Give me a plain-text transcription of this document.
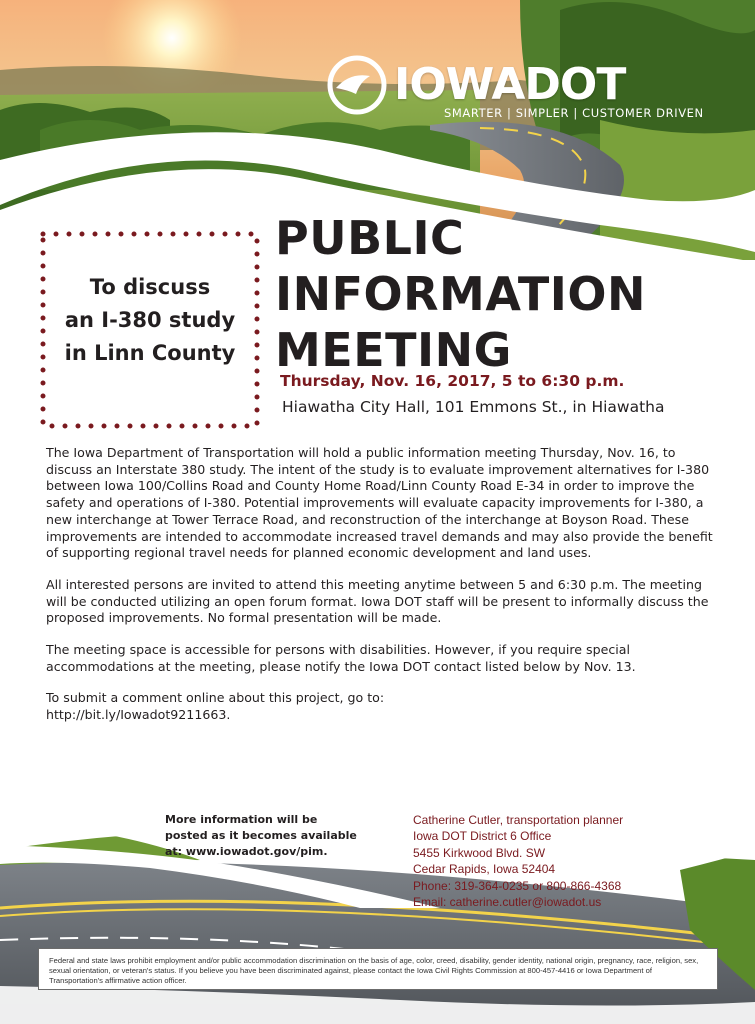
IOWADOT
SMARTER | SIMPLER | CUSTOMER DRIVEN
To discuss
an I-380 study
in Linn County
PUBLIC
INFORMATION
MEETING
Thursday, Nov. 16, 2017, 5 to 6:30 p.m.
Hiawatha City Hall, 101 Emmons St., in Hiawatha

The Iowa Department of Transportation will hold a public information meeting Thursday, Nov. 16, to discuss an Interstate 380 study. The intent of the study is to evaluate improvement alternatives for I-380 between Iowa 100/Collins Road and County Home Road/Linn County Road E-34 in order to improve the safety and operations of I-380. Potential improvements will evaluate capacity improvements for I-380, a new interchange at Tower Terrace Road, and reconstruction of the interchange at Boyson Road. These improvements are intended to accommodate increased travel demands and may also provide the benefit of supporting regional travel needs for planned economic development and land uses.

All interested persons are invited to attend this meeting anytime between 5 and 6:30 p.m. The meeting will be conducted utilizing an open forum format. Iowa DOT staff will be present to informally discuss the proposed improvements. No formal presentation will be made.

The meeting space is accessible for persons with disabilities. However, if you require special accommodations at the meeting, please notify the Iowa DOT contact listed below by Nov. 13.

To submit a comment online about this project, go to:
http://bit.ly/Iowadot9211663.

More information will be
posted as it becomes available
at: www.iowadot.gov/pim.
Catherine Cutler, transportation planner
Iowa DOT District 6 Office
5455 Kirkwood Blvd. SW
Cedar Rapids, Iowa 52404
Phone: 319-364-0235 or 800-866-4368
Email: catherine.cutler@iowadot.us
Federal and state laws prohibit employment and/or public accommodation discrimination on the basis of age, color, creed, disability, gender identity, national origin, pregnancy, race, religion, sex, sexual orientation, or veteran's status. If you believe you have been discriminated against, please contact the Iowa Civil Rights Commission at 800-457-4416 or Iowa Department of Transportation's affirmative action officer.
